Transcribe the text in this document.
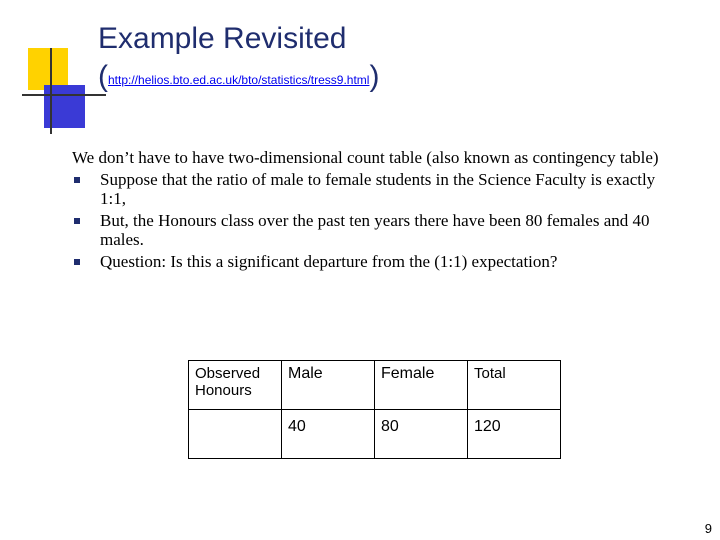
Example Revisited
(http://helios.bto.ed.ac.uk/bto/statistics/tress9.html)

We don’t have to have two-dimensional count table (also known as contingency table)

Suppose that the ratio of male to female students in the Science Faculty is exactly 1:1,
But, the Honours class over the past ten years there have been 80 females and 40 males.
Question: Is this a significant departure from the (1:1) expectation?
Observed
Honours	Male	Female	Total
	40	80	120
9
